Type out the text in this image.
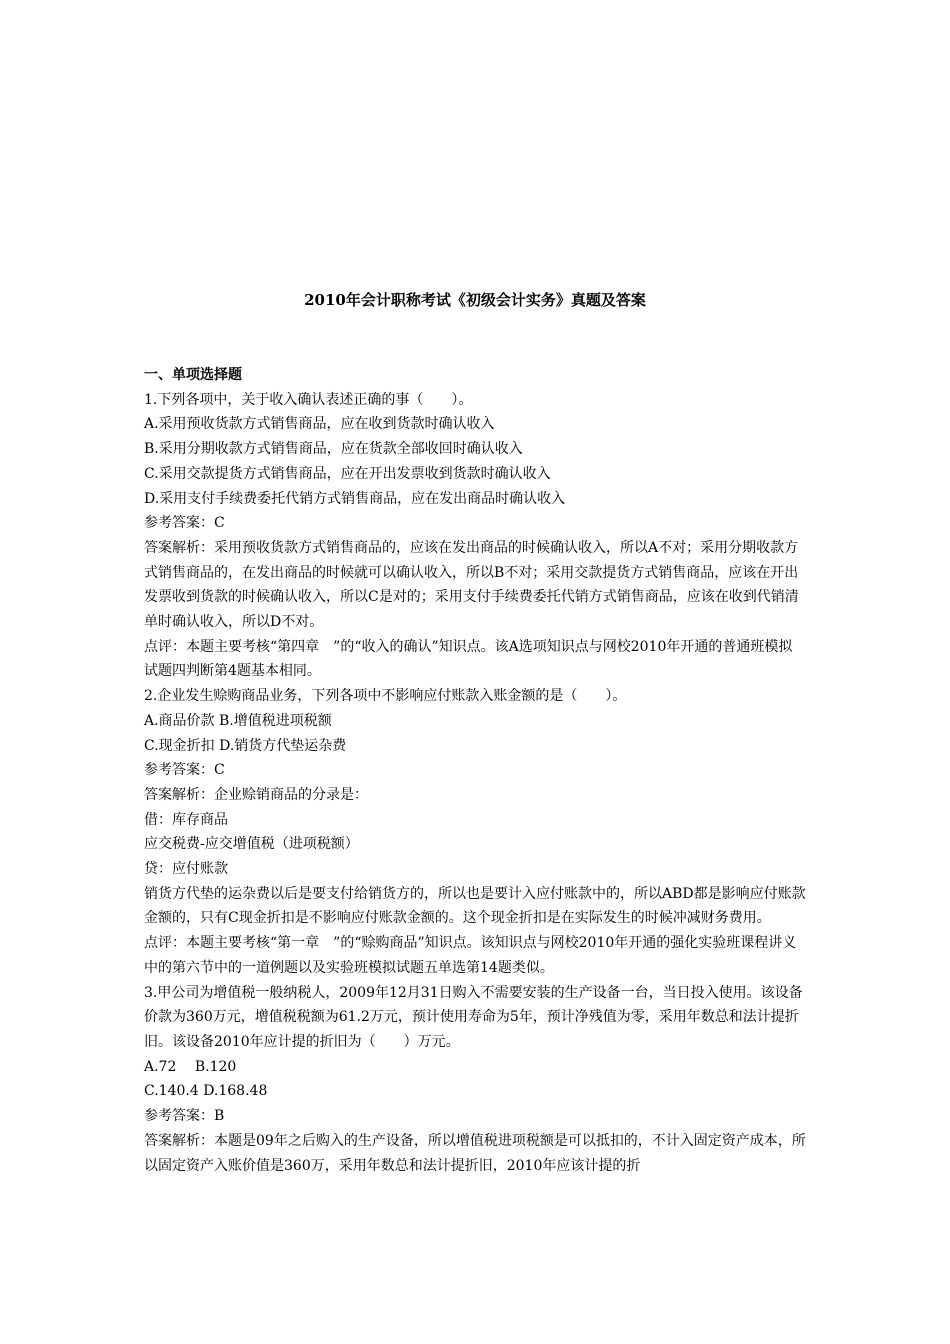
2010年会计职称考试《初级会计实务》真题及答案

一、单项选择题

1.下列各项中，关于收入确认表述正确的事（　　）。

A.采用预收货款方式销售商品，应在收到货款时确认收入

B.采用分期收款方式销售商品，应在货款全部收回时确认收入

C.采用交款提货方式销售商品，应在开出发票收到货款时确认收入

D.采用支付手续费委托代销方式销售商品，应在发出商品时确认收入

参考答案：C

答案解析：采用预收货款方式销售商品的，应该在发出商品的时候确认收入，所以A不对；采用分期收款方式销售商品的，在发出商品的时候就可以确认收入，所以B不对；采用交款提货方式销售商品，应该在开出发票收到货款的时候确认收入，所以C是对的；采用支付手续费委托代销方式销售商品，应该在收到代销清单时确认收入，所以D不对。

点评：本题主要考核“第四章　”的“收入的确认”知识点。该A选项知识点与网校2010年开通的普通班模拟试题四判断第4题基本相同。

2.企业发生赊购商品业务，下列各项中不影响应付账款入账金额的是（　　）。

A.商品价款 B.增值税进项税额

C.现金折扣 D.销货方代垫运杂费

参考答案：C

答案解析：企业赊销商品的分录是：

借：库存商品

应交税费-应交增值税（进项税额）

贷：应付账款

销货方代垫的运杂费以后是要支付给销货方的，所以也是要计入应付账款中的，所以ABD都是影响应付账款金额的，只有C现金折扣是不影响应付账款金额的。这个现金折扣是在实际发生的时候冲减财务费用。

点评：本题主要考核“第一章　”的“赊购商品”知识点。该知识点与网校2010年开通的强化实验班课程讲义中的第六节中的一道例题以及实验班模拟试题五单选第14题类似。

3.甲公司为增值税一般纳税人，2009年12月31日购入不需要安装的生产设备一台，当日投入使用。该设备价款为360万元，增值税税额为61.2万元，预计使用寿命为5年，预计净残值为零，采用年数总和法计提折旧。该设备2010年应计提的折旧为（　　）万元。

A.72　 B.120

C.140.4 D.168.48

参考答案：B

答案解析：本题是09年之后购入的生产设备，所以增值税进项税额是可以抵扣的，不计入固定资产成本，所以固定资产入账价值是360万，采用年数总和法计提折旧，2010年应该计提的折
